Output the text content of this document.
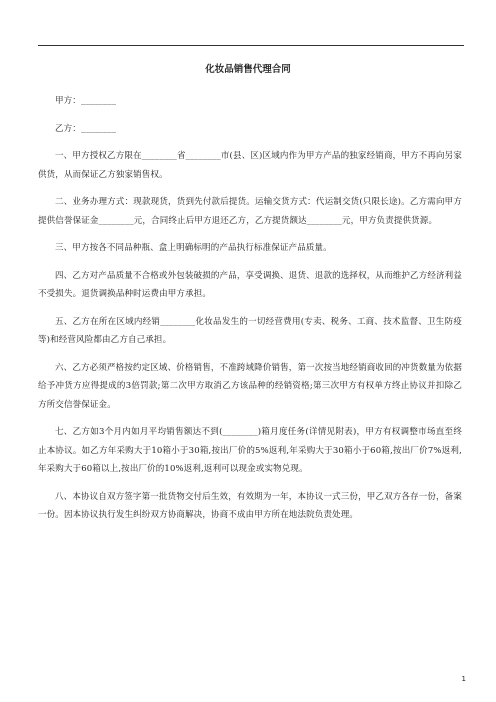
化妆品销售代理合同

甲方：________

乙方：________

一、甲方授权乙方限在________省________市(县、区)区域内作为甲方产品的独家经销商，甲方不再向另家供货，从而保证乙方独家销售权。

二、业务办理方式：现款现货，货到先付款后提货。运输交货方式：代运制交货(只限长途)。乙方需向甲方提供信誉保证金________元，合同终止后甲方退还乙方，乙方提货额达________元，甲方负责提供货源。

三、甲方按各不同品种瓶、盒上明确标明的产品执行标准保证产品质量。

四、乙方对产品质量不合格或外包装破损的产品，享受调换、退货、退款的选择权，从而维护乙方经济利益不受损失。退货调换品种时运费由甲方承担。

五、乙方在所在区域内经销________化妆品发生的一切经营费用(专卖、税务、工商、技术监督、卫生防疫等)和经营风险都由乙方自己承担。

六、乙方必须严格按约定区域、价格销售，不准跨域降价销售，第一次按当地经销商收回的冲货数量为依据给予冲货方应得提成的3倍罚款;第二次甲方取消乙方该品种的经销资格;第三次甲方有权单方终止协议并扣除乙方所交信誉保证金。

七、乙方如3个月内如月平均销售额达不到(________)箱月度任务(详情见附表)，甲方有权调整市场直至终止本协议。如乙方年采购大于10箱小于30箱,按出厂价的5%返利,年采购大于30箱小于60箱,按出厂价7%返利,年采购大于60箱以上,按出厂价的10%返利,返利可以现金或实物兑现。

八、本协议自双方签字第一批货物交付后生效，有效期为一年，本协议一式三份，甲乙双方各存一份，备案一份。因本协议执行发生纠纷双方协商解决，协商不成由甲方所在地法院负责处理。

1
